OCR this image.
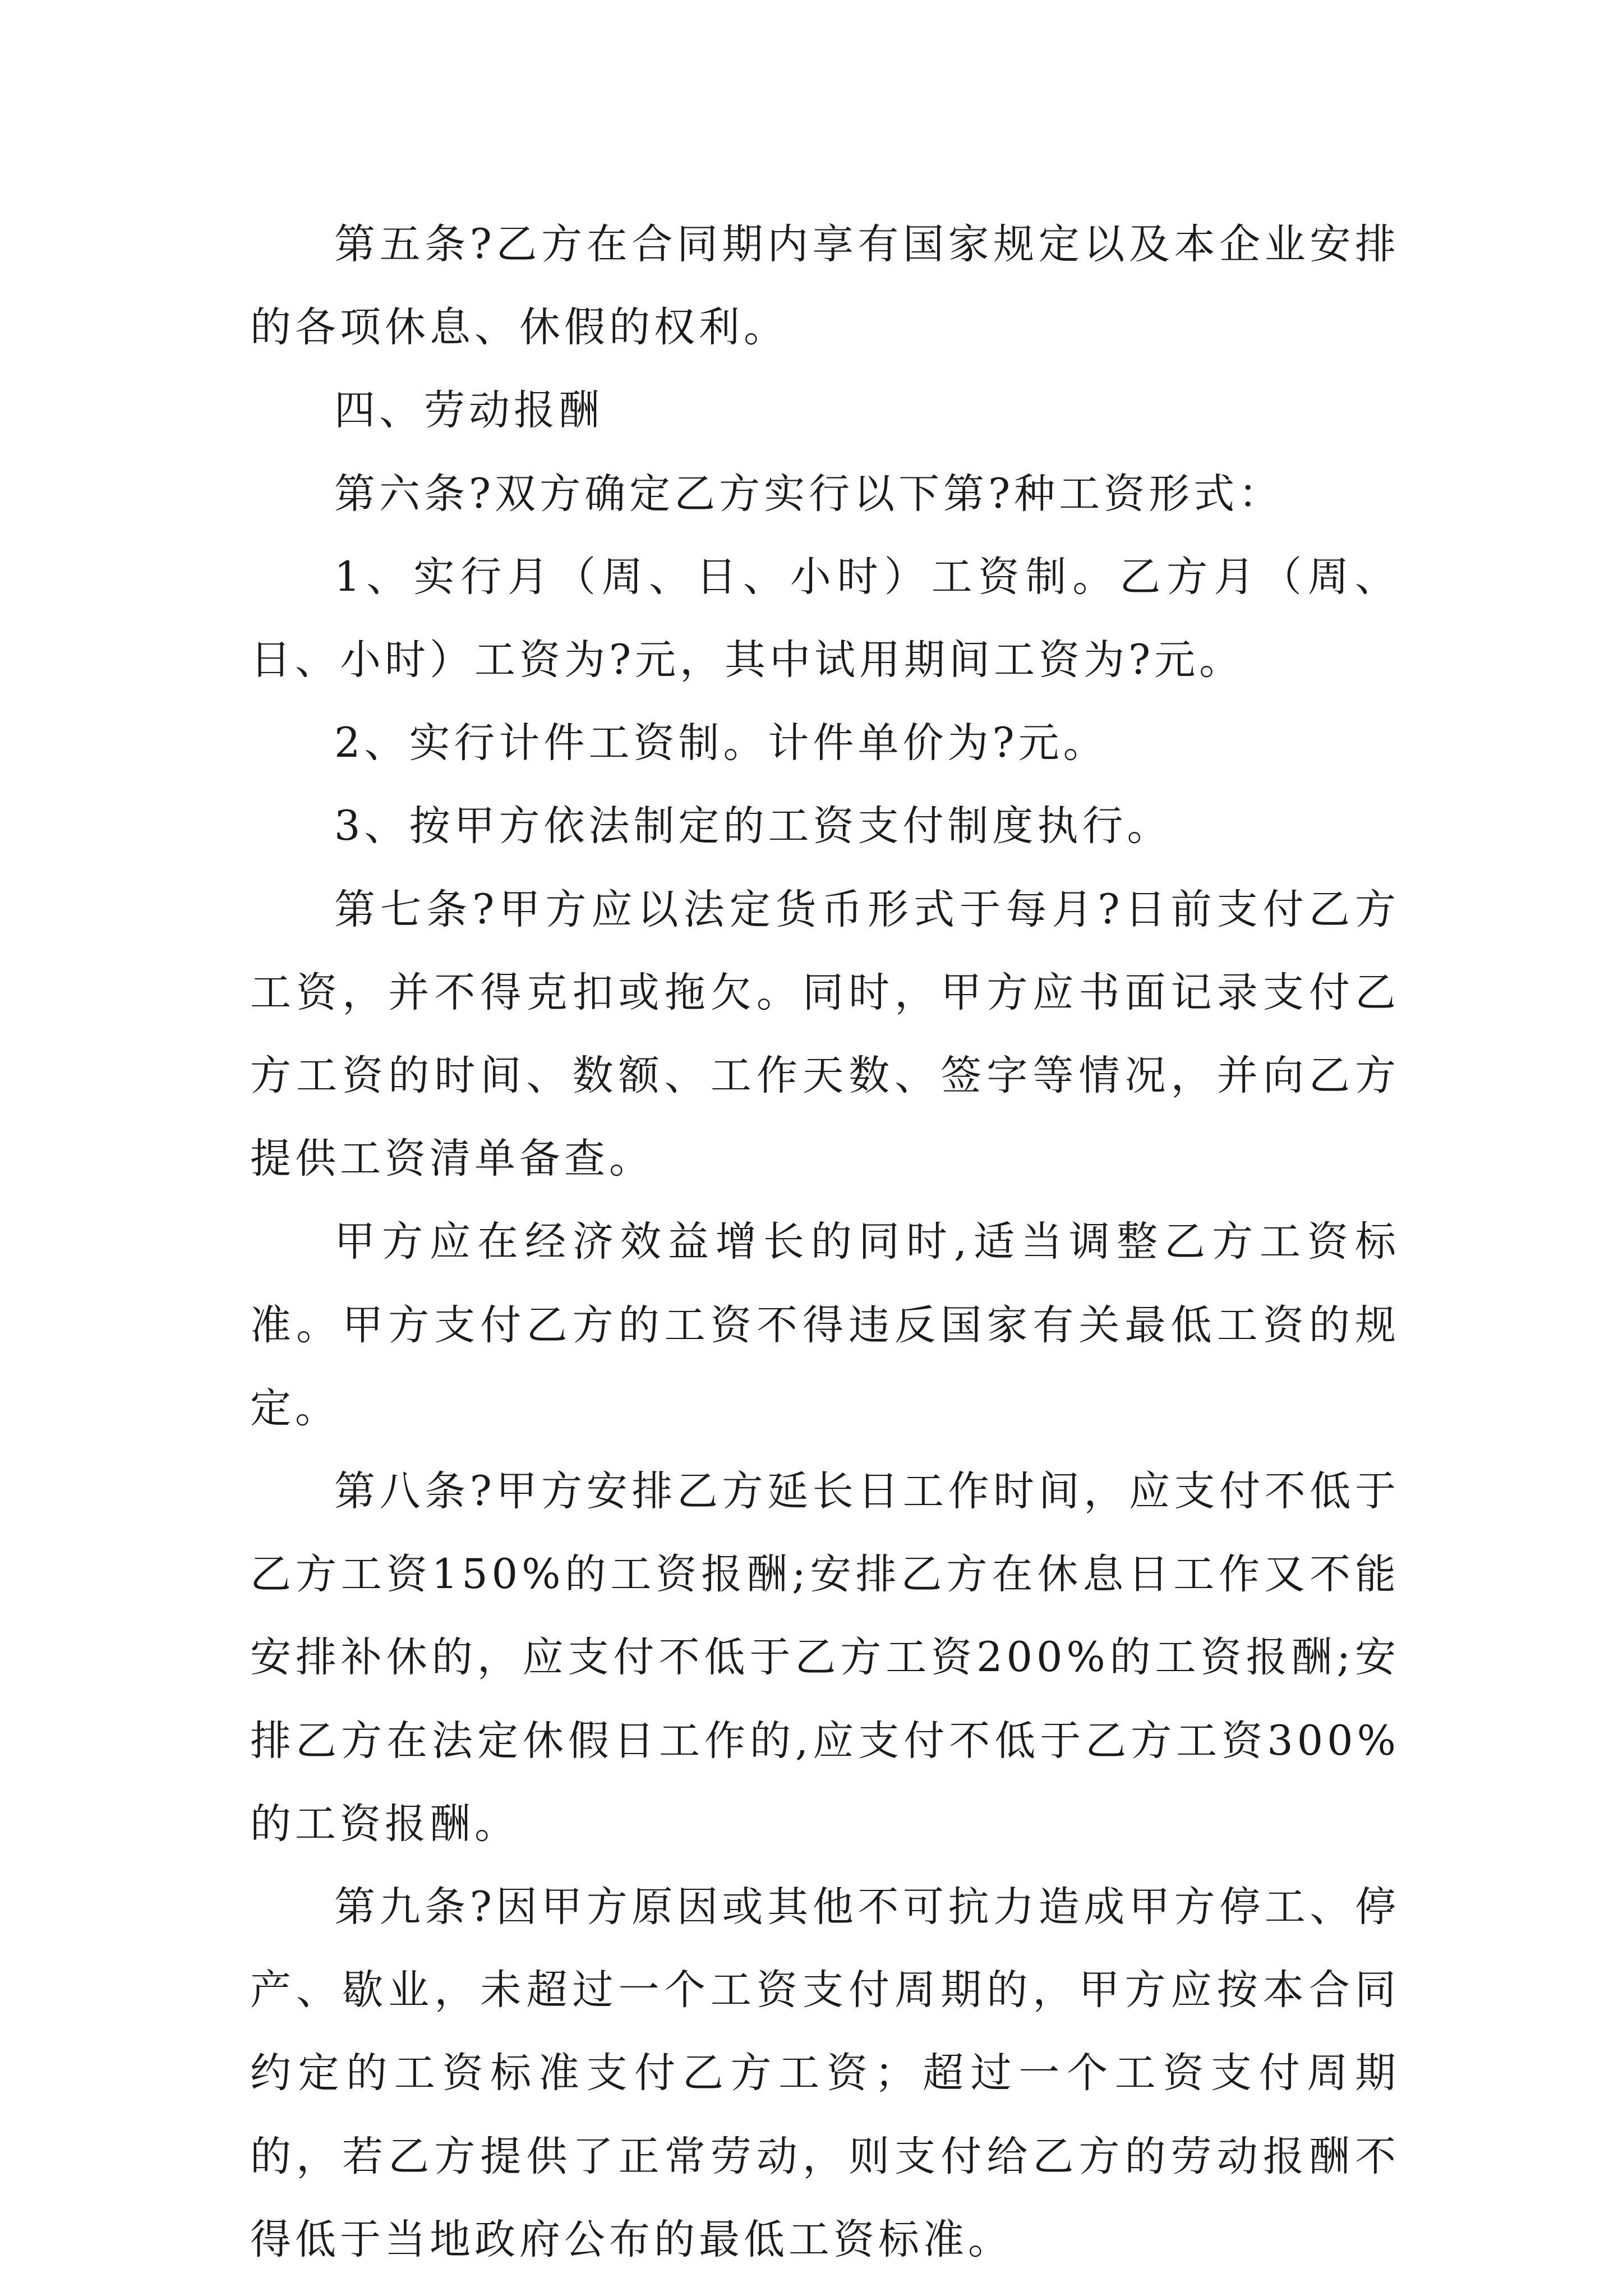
第五条?乙方在合同期内享有国家规定以及本企业安排的各项休息、休假的权利。

四、劳动报酬

第六条?双方确定乙方实行以下第?种工资形式：

1、实行月（周、日、小时）工资制。乙方月（周、日、小时）工资为?元，其中试用期间工资为?元。

2、实行计件工资制。计件单价为?元。

3、按甲方依法制定的工资支付制度执行。

第七条?甲方应以法定货币形式于每月?日前支付乙方工资，并不得克扣或拖欠。同时，甲方应书面记录支付乙方工资的时间、数额、工作天数、签字等情况，并向乙方提供工资清单备查。

甲方应在经济效益增长的同时,适当调整乙方工资标准。甲方支付乙方的工资不得违反国家有关最低工资的规定。

第八条?甲方安排乙方延长日工作时间，应支付不低于乙方工资150%的工资报酬;安排乙方在休息日工作又不能安排补休的，应支付不低于乙方工资200%的工资报酬;安排乙方在法定休假日工作的,应支付不低于乙方工资300%的工资报酬。

第九条?因甲方原因或其他不可抗力造成甲方停工、停产、歇业，未超过一个工资支付周期的，甲方应按本合同约定的工资标准支付乙方工资；超过一个工资支付周期的，若乙方提供了正常劳动，则支付给乙方的劳动报酬不得低于当地政府公布的最低工资标准。
